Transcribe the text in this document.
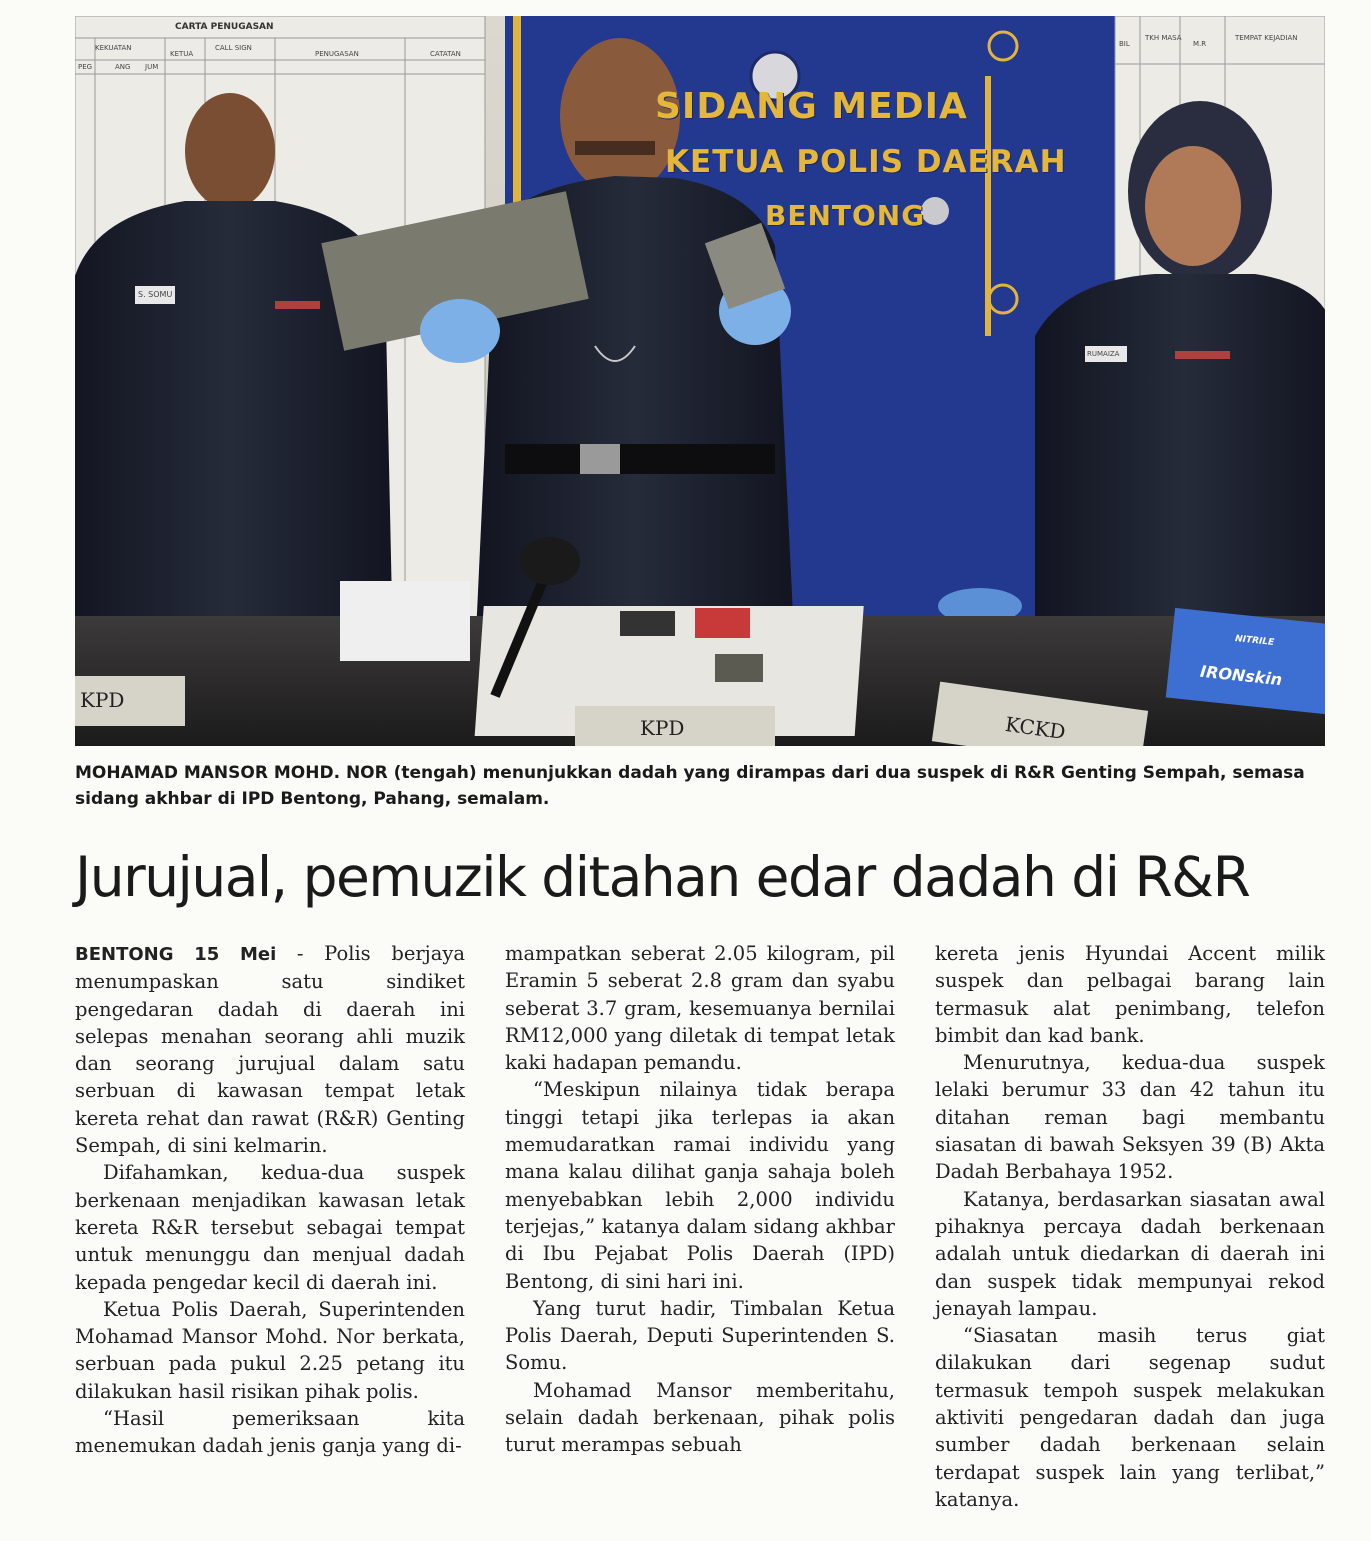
SIDANG MEDIA
KETUA POLIS DAERAH
BENTONG
CARTA PENUGASAN
KEKUATAN
KETUA
CALL SIGN
PENUGASAN	CATATAN
PEG	ANG JUM
BIL
TKH MASA
M.R
TEMPAT KEJADIAN
S. SOMU
RUMAIZA
KPD
KPD	KCKD
NITRILE
IRONskin

MOHAMAD MANSOR MOHD. NOR (tengah) menunjukkan dadah yang dirampas dari dua suspek di R&R Genting Sempah, semasa sidang akhbar di IPD Bentong, Pahang, semalam.

Jurujual, pemuzik ditahan edar dadah di R&R

BENTONG 15 Mei - Polis berjaya menumpaskan satu sindiket pengedaran dadah di daerah ini selepas menahan seorang ahli muzik dan seorang jurujual dalam satu serbuan di kawasan tempat letak kereta rehat dan rawat (R&R) Genting Sempah, di sini kelmarin.

Difahamkan, kedua-dua suspek berkenaan menjadikan kawasan letak kereta R&R tersebut sebagai tempat untuk menunggu dan menjual dadah kepada pengedar kecil di daerah ini.

Ketua Polis Daerah, Superintenden Mohamad Mansor Mohd. Nor berkata, serbuan pada pukul 2.25 petang itu dilakukan hasil risikan pihak polis.

“Hasil pemeriksaan kita menemukan dadah jenis ganja yang di-

mampatkan seberat 2.05 kilogram, pil Eramin 5 seberat 2.8 gram dan syabu seberat 3.7 gram, kesemuanya bernilai RM12,000 yang diletak di tempat letak kaki hadapan pemandu.

“Meskipun nilainya tidak berapa tinggi tetapi jika terlepas ia akan memudaratkan ramai individu yang mana kalau dilihat ganja sahaja boleh menyebabkan lebih 2,000 individu terjejas,” katanya dalam sidang akhbar di Ibu Pejabat Polis Daerah (IPD) Bentong, di sini hari ini.

Yang turut hadir, Timbalan Ketua Polis Daerah, Deputi Superintenden S. Somu.

Mohamad Mansor memberitahu, selain dadah berkenaan, pihak polis turut merampas sebuah

kereta jenis Hyundai Accent milik suspek dan pelbagai barang lain termasuk alat penimbang, telefon bimbit dan kad bank.

Menurutnya, kedua-dua suspek lelaki berumur 33 dan 42 tahun itu ditahan reman bagi membantu siasatan di bawah Seksyen 39 (B) Akta Dadah Berbahaya 1952.

Katanya, berdasarkan siasatan awal pihaknya percaya dadah berkenaan adalah untuk diedarkan di daerah ini dan suspek tidak mempunyai rekod jenayah lampau.

“Siasatan masih terus giat dilakukan dari segenap sudut termasuk tempoh suspek melakukan aktiviti pengedaran dadah dan juga sumber dadah berkenaan selain terdapat suspek lain yang terlibat,” katanya.
